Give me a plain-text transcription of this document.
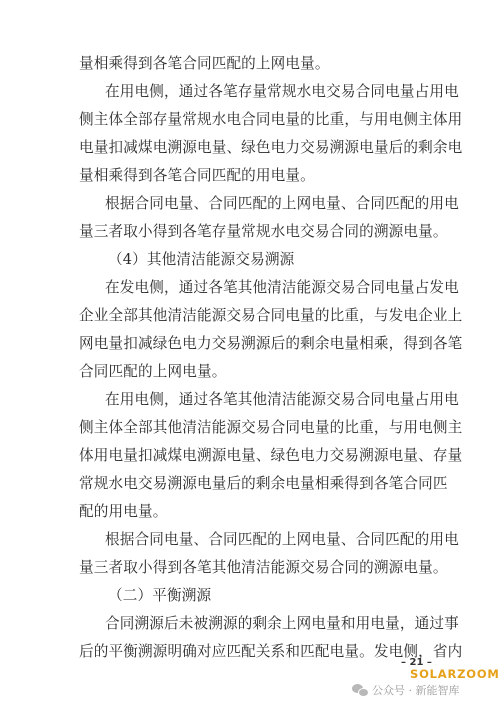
量相乘得到各笔合同匹配的上网电量。
在用电侧，通过各笔存量常规水电交易合同电量占用电
侧主体全部存量常规水电合同电量的比重，与用电侧主体用
电量扣减煤电溯源电量、绿色电力交易溯源电量后的剩余电
量相乘得到各笔合同匹配的用电量。
根据合同电量、合同匹配的上网电量、合同匹配的用电
量三者取小得到各笔存量常规水电交易合同的溯源电量。
（4）其他清洁能源交易溯源
在发电侧，通过各笔其他清洁能源交易合同电量占发电
企业全部其他清洁能源交易合同电量的比重，与发电企业上
网电量扣减绿色电力交易溯源后的剩余电量相乘，得到各笔
合同匹配的上网电量。
在用电侧，通过各笔其他清洁能源交易合同电量占用电
侧主体全部其他清洁能源交易合同电量的比重，与用电侧主
体用电量扣减煤电溯源电量、绿色电力交易溯源电量、存量
常规水电交易溯源电量后的剩余电量相乘得到各笔合同匹
配的用电量。
根据合同电量、合同匹配的上网电量、合同匹配的用电
量三者取小得到各笔其他清洁能源交易合同的溯源电量。
（二）平衡溯源
合同溯源后未被溯源的剩余上网电量和用电量，通过事
后的平衡溯源明确对应匹配关系和匹配电量。发电侧，省内
– 21 –
SOLARZOOM
公众号 · 新能智库
